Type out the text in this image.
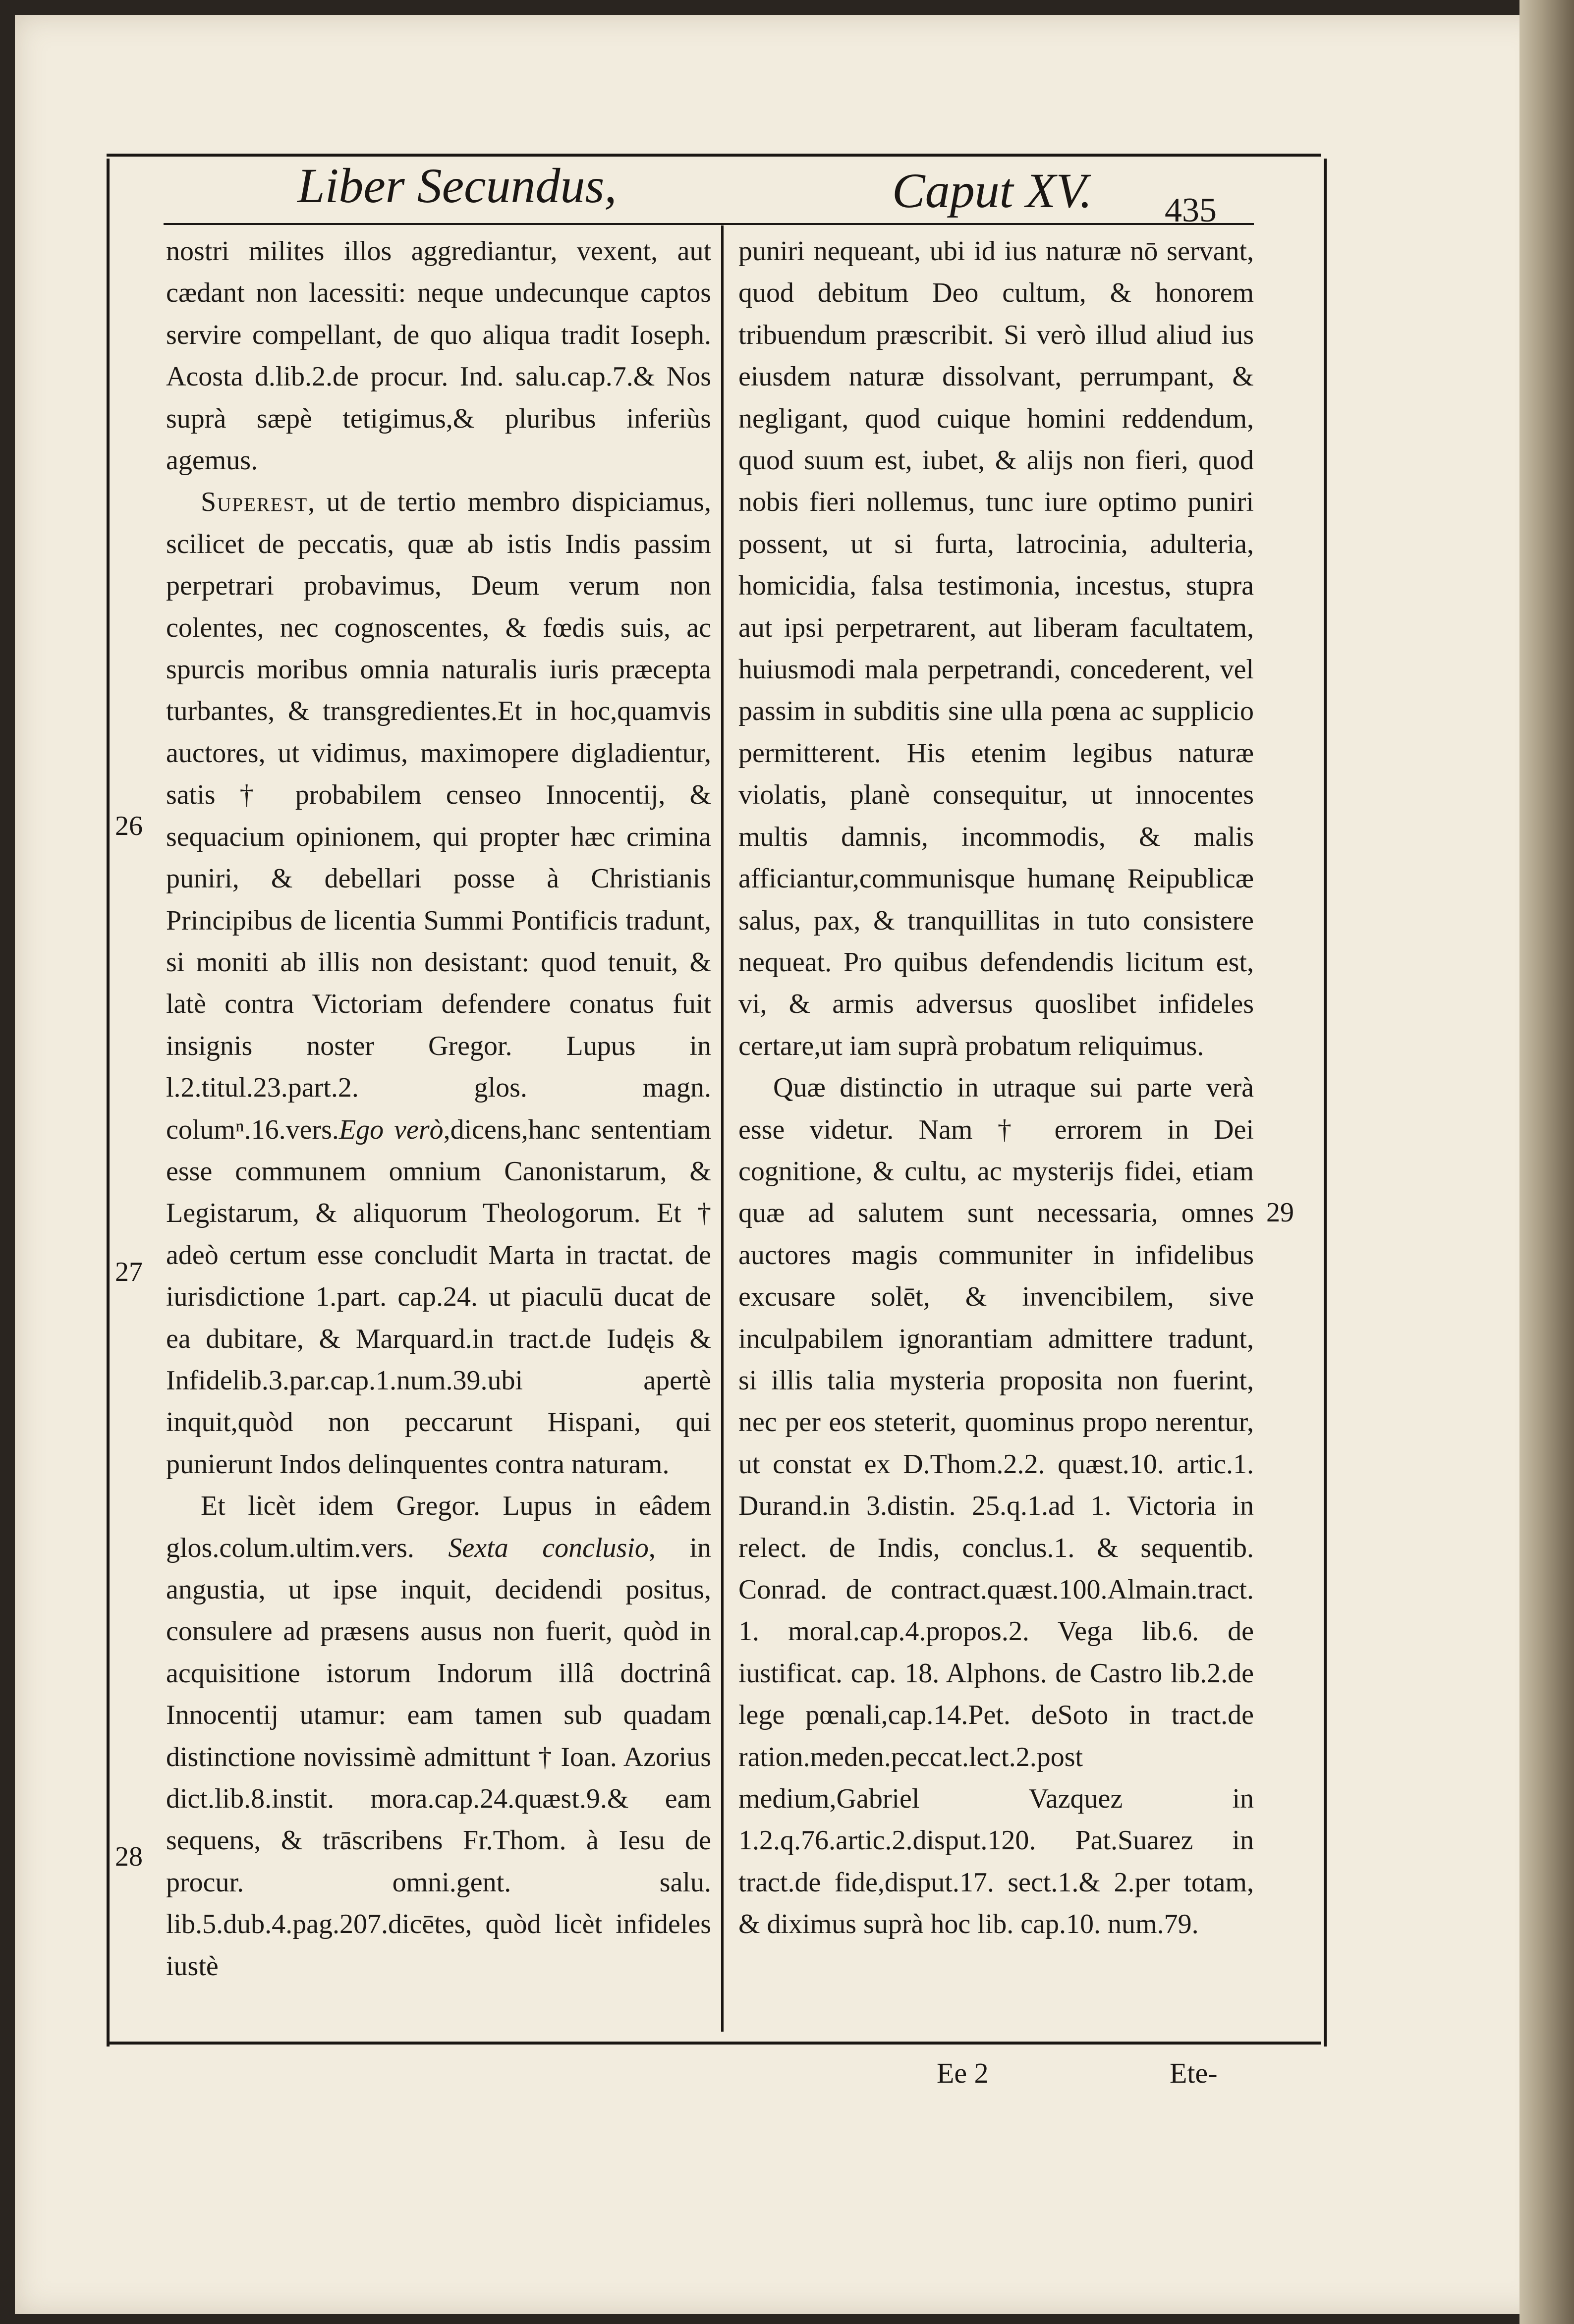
Liber Secundus,	Caput XV. 435

nostri milites illos aggrediantur, vexent, aut cædant non lacessiti: neque undecunque captos servire compellant, de quo aliqua tradit Ioseph. Acosta d.lib.2.de procur. Ind. salu.cap.7.& Nos suprà sæpè tetigimus,& pluribus inferiùs agemus.

Superest, ut de tertio membro dispiciamus, scilicet de peccatis, quæ ab istis Indis passim perpetrari probavimus, Deum verum non colentes, nec cognoscentes, & fœdis suis, ac spurcis moribus omnia naturalis iuris præcepta turbantes, & transgredientes.Et in hoc,quamvis auctores, ut vidimus, maximopere digladientur, satis † probabilem censeo Innocentij, & sequacium opinionem, qui propter hæc crimina puniri, & debellari posse à Christianis Principibus de licentia Summi Pontificis tradunt, si moniti ab illis non desistant: quod tenuit, & latè contra Victoriam defendere conatus fuit insignis noster Gregor. Lupus in l.2.titul.23.part.2. glos. magn. columⁿ.16.vers.Ego verò,dicens,hanc sententiam esse communem omnium Canonistarum, & Legistarum, & aliquorum Theologorum. Et † adeò certum esse concludit Marta in tractat. de iurisdictione 1.part. cap.24. ut piaculū ducat de ea dubitare, & Marquard.in tract.de Iudęis & Infidelib.3.par.cap.1.num.39.ubi apertè inquit,quòd non peccarunt Hispani, qui punierunt Indos delinquentes contra naturam.

Et licèt idem Gregor. Lupus in eâdem glos.colum.ultim.vers. Sexta conclusio, in angustia, ut ipse inquit, decidendi positus, consulere ad præsens ausus non fuerit, quòd in acquisitione istorum Indorum illâ doctrinâ Innocentij utamur: eam tamen sub quadam distinctione novissimè admittunt † Ioan. Azorius dict.lib.8.instit. mora.cap.24.quæst.9.& eam sequens, & trāscribens Fr.Thom. à Iesu de procur. omni.gent. salu. lib.5.dub.4.pag.207.dicētes, quòd licèt infideles iustè

puniri nequeant, ubi id ius naturæ nō servant, quod debitum Deo cultum, & honorem tribuendum præscribit. Si verò illud aliud ius eiusdem naturæ dissolvant, perrumpant, & negligant, quod cuique homini reddendum, quod suum est, iubet, & alijs non fieri, quod nobis fieri nollemus, tunc iure optimo puniri possent, ut si furta, latrocinia, adulteria, homicidia, falsa testimonia, incestus, stupra aut ipsi perpetrarent, aut liberam facultatem, huiusmodi mala perpetrandi, concederent, vel passim in subditis sine ulla pœna ac supplicio permitterent. His etenim legibus naturæ violatis, planè consequitur, ut innocentes multis damnis, incommodis, & malis afficiantur,communisque humanę Reipublicæ salus, pax, & tranquillitas in tuto consistere nequeat. Pro quibus defendendis licitum est, vi, & armis adversus quoslibet infideles certare,ut iam suprà probatum reliquimus.

Quæ distinctio in utraque sui parte verà esse videtur. Nam † errorem in Dei cognitione, & cultu, ac mysterijs fidei, etiam quæ ad salutem sunt necessaria, omnes auctores magis communiter in infidelibus excusare solēt, & invencibilem, sive inculpabilem ignorantiam admittere tradunt, si illis talia mysteria proposita non fuerint, nec per eos steterit, quominus propo nerentur, ut constat ex D.Thom.2.2. quæst.10. artic.1. Durand.in 3.distin. 25.q.1.ad 1. Victoria in relect. de Indis, conclus.1. & sequentib. Conrad. de contract.quæst.100.Almain.tract. 1. moral.cap.4.propos.2. Vega lib.6. de iustificat. cap. 18. Alphons. de Castro lib.2.de lege pœnali,cap.14.Pet. deSoto in tract.de ration.meden.peccat.lect.2.post medium,Gabriel Vazquez in 1.2.q.76.artic.2.disput.120. Pat.Suarez in tract.de fide,disput.17. sect.1.& 2.per totam, & diximus suprà hoc lib. cap.10. num.79.

26
27
28
29
Ee 2	Ete-
